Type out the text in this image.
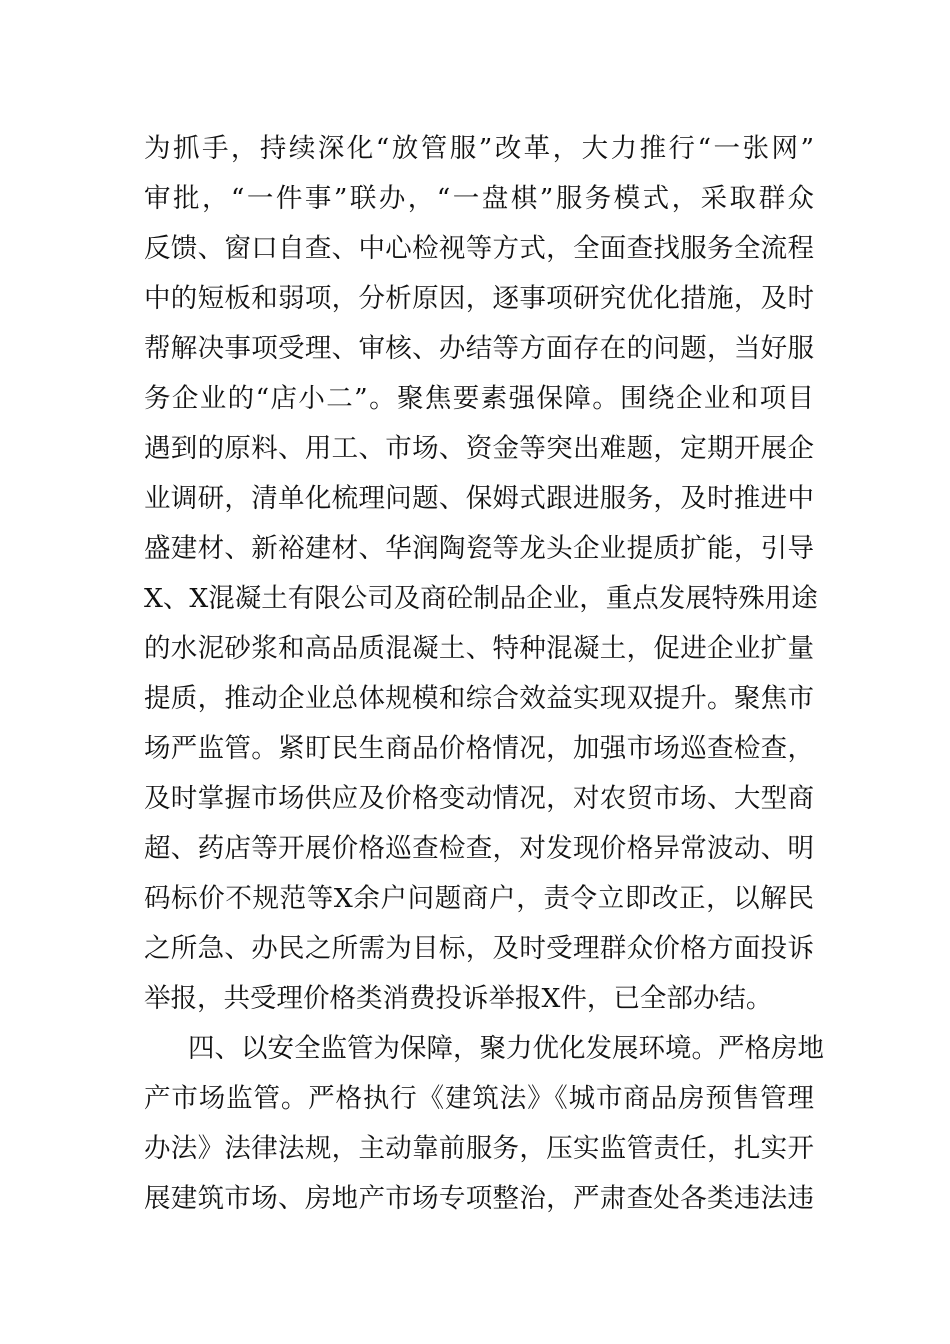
为抓手，持续深化“放管服”改革，大力推行“一张网”
审批，“一件事”联办，“一盘棋”服务模式，采取群众
反馈、窗口自查、中心检视等方式，全面查找服务全流程
中的短板和弱项，分析原因，逐事项研究优化措施，及时
帮解决事项受理、审核、办结等方面存在的问题，当好服
务企业的“店小二”。聚焦要素强保障。围绕企业和项目
遇到的原料、用工、市场、资金等突出难题，定期开展企
业调研，清单化梳理问题、保姆式跟进服务，及时推进中
盛建材、新裕建材、华润陶瓷等龙头企业提质扩能，引导
X、X混凝土有限公司及商砼制品企业，重点发展特殊用途
的水泥砂浆和高品质混凝土、特种混凝土，促进企业扩量
提质，推动企业总体规模和综合效益实现双提升。聚焦市
场严监管。紧盯民生商品价格情况，加强市场巡查检查，
及时掌握市场供应及价格变动情况，对农贸市场、大型商
超、药店等开展价格巡查检查，对发现价格异常波动、明
码标价不规范等X余户问题商户，责令立即改正，以解民
之所急、办民之所需为目标，及时受理群众价格方面投诉
举报，共受理价格类消费投诉举报X件，已全部办结。
四、以安全监管为保障，聚力优化发展环境。严格房地
产市场监管。严格执行《建筑法》《城市商品房预售管理
办法》法律法规，主动靠前服务，压实监管责任，扎实开
展建筑市场、房地产市场专项整治，严肃查处各类违法违
